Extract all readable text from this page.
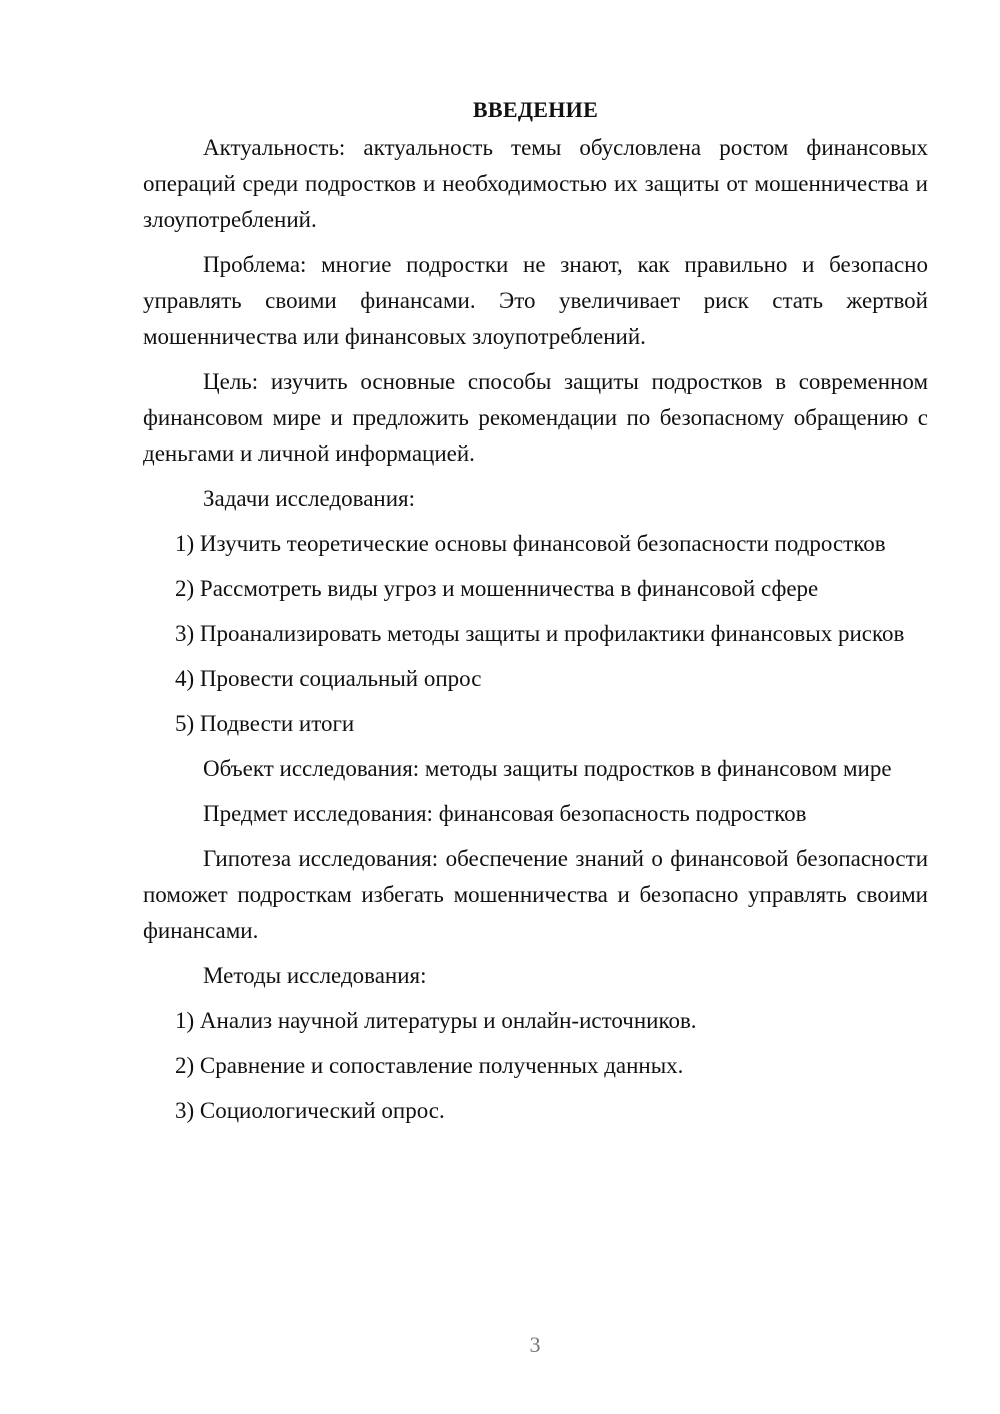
ВВЕДЕНИЕ

Актуальность: актуальность темы обусловлена ростом финансовых операций среди подростков и необходимостью их защиты от мошенничества и злоупотреблений.

Проблема: многие подростки не знают, как правильно и безопасно управлять своими финансами. Это увеличивает риск стать жертвой мошенничества или финансовых злоупотреблений.

Цель: изучить основные способы защиты подростков в современном финансовом мире и предложить рекомендации по безопасному обращению с деньгами и личной информацией.

Задачи исследования:

1) Изучить теоретические основы финансовой безопасности подростков

2) Рассмотреть виды угроз и мошенничества в финансовой сфере

3) Проанализировать методы защиты и профилактики финансовых рисков

4) Провести социальный опрос

5) Подвести итоги

Объект исследования: методы защиты подростков в финансовом мире

Предмет исследования: финансовая безопасность подростков

Гипотеза исследования: обеспечение знаний о финансовой безопасности поможет подросткам избегать мошенничества и безопасно управлять своими финансами.

Методы исследования:

1) Анализ научной литературы и онлайн-источников.

2) Сравнение и сопоставление полученных данных.

3) Социологический опрос.

3
